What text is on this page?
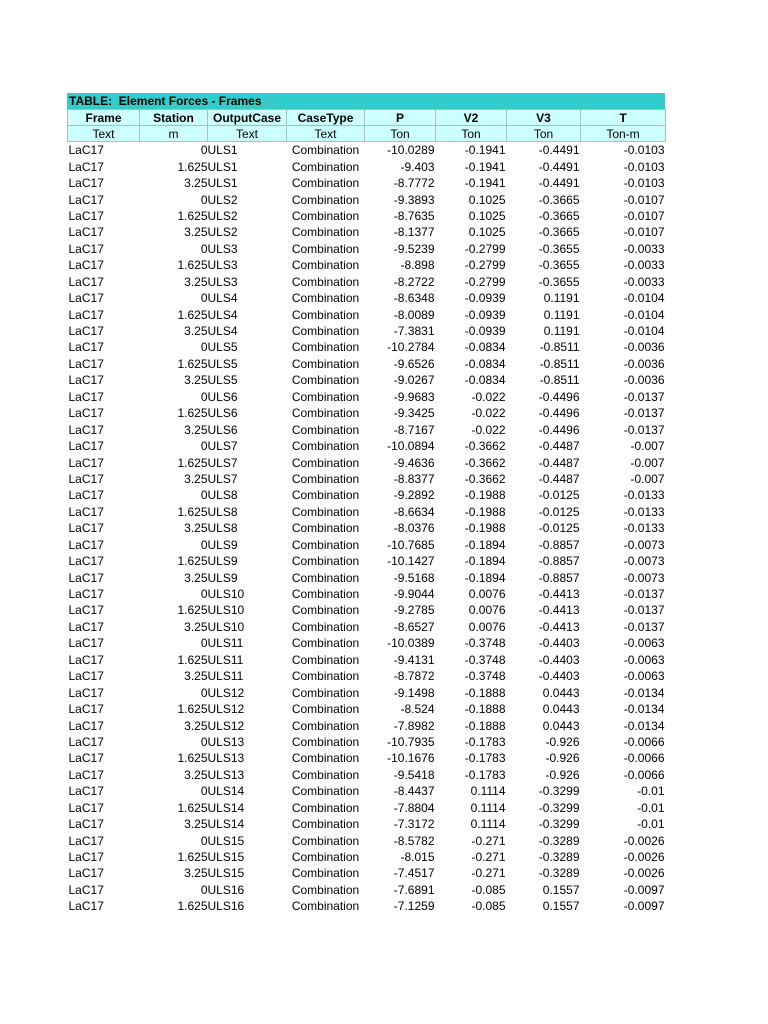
TABLE:  Element Forces - Frames
Frame	Station	OutputCase	CaseType	P	V2	V3	T
Text	m	Text	Text	Ton	Ton	Ton	Ton-m
LaC17	0	ULS1	Combination	-10.0289	-0.1941	-0.4491	-0.0103
LaC17	1.625	ULS1	Combination	-9.403	-0.1941	-0.4491	-0.0103
LaC17	3.25	ULS1	Combination	-8.7772	-0.1941	-0.4491	-0.0103
LaC17	0	ULS2	Combination	-9.3893	0.1025	-0.3665	-0.0107
LaC17	1.625	ULS2	Combination	-8.7635	0.1025	-0.3665	-0.0107
LaC17	3.25	ULS2	Combination	-8.1377	0.1025	-0.3665	-0.0107
LaC17	0	ULS3	Combination	-9.5239	-0.2799	-0.3655	-0.0033
LaC17	1.625	ULS3	Combination	-8.898	-0.2799	-0.3655	-0.0033
LaC17	3.25	ULS3	Combination	-8.2722	-0.2799	-0.3655	-0.0033
LaC17	0	ULS4	Combination	-8.6348	-0.0939	0.1191	-0.0104
LaC17	1.625	ULS4	Combination	-8.0089	-0.0939	0.1191	-0.0104
LaC17	3.25	ULS4	Combination	-7.3831	-0.0939	0.1191	-0.0104
LaC17	0	ULS5	Combination	-10.2784	-0.0834	-0.8511	-0.0036
LaC17	1.625	ULS5	Combination	-9.6526	-0.0834	-0.8511	-0.0036
LaC17	3.25	ULS5	Combination	-9.0267	-0.0834	-0.8511	-0.0036
LaC17	0	ULS6	Combination	-9.9683	-0.022	-0.4496	-0.0137
LaC17	1.625	ULS6	Combination	-9.3425	-0.022	-0.4496	-0.0137
LaC17	3.25	ULS6	Combination	-8.7167	-0.022	-0.4496	-0.0137
LaC17	0	ULS7	Combination	-10.0894	-0.3662	-0.4487	-0.007
LaC17	1.625	ULS7	Combination	-9.4636	-0.3662	-0.4487	-0.007
LaC17	3.25	ULS7	Combination	-8.8377	-0.3662	-0.4487	-0.007
LaC17	0	ULS8	Combination	-9.2892	-0.1988	-0.0125	-0.0133
LaC17	1.625	ULS8	Combination	-8.6634	-0.1988	-0.0125	-0.0133
LaC17	3.25	ULS8	Combination	-8.0376	-0.1988	-0.0125	-0.0133
LaC17	0	ULS9	Combination	-10.7685	-0.1894	-0.8857	-0.0073
LaC17	1.625	ULS9	Combination	-10.1427	-0.1894	-0.8857	-0.0073
LaC17	3.25	ULS9	Combination	-9.5168	-0.1894	-0.8857	-0.0073
LaC17	0	ULS10	Combination	-9.9044	0.0076	-0.4413	-0.0137
LaC17	1.625	ULS10	Combination	-9.2785	0.0076	-0.4413	-0.0137
LaC17	3.25	ULS10	Combination	-8.6527	0.0076	-0.4413	-0.0137
LaC17	0	ULS11	Combination	-10.0389	-0.3748	-0.4403	-0.0063
LaC17	1.625	ULS11	Combination	-9.4131	-0.3748	-0.4403	-0.0063
LaC17	3.25	ULS11	Combination	-8.7872	-0.3748	-0.4403	-0.0063
LaC17	0	ULS12	Combination	-9.1498	-0.1888	0.0443	-0.0134
LaC17	1.625	ULS12	Combination	-8.524	-0.1888	0.0443	-0.0134
LaC17	3.25	ULS12	Combination	-7.8982	-0.1888	0.0443	-0.0134
LaC17	0	ULS13	Combination	-10.7935	-0.1783	-0.926	-0.0066
LaC17	1.625	ULS13	Combination	-10.1676	-0.1783	-0.926	-0.0066
LaC17	3.25	ULS13	Combination	-9.5418	-0.1783	-0.926	-0.0066
LaC17	0	ULS14	Combination	-8.4437	0.1114	-0.3299	-0.01
LaC17	1.625	ULS14	Combination	-7.8804	0.1114	-0.3299	-0.01
LaC17	3.25	ULS14	Combination	-7.3172	0.1114	-0.3299	-0.01
LaC17	0	ULS15	Combination	-8.5782	-0.271	-0.3289	-0.0026
LaC17	1.625	ULS15	Combination	-8.015	-0.271	-0.3289	-0.0026
LaC17	3.25	ULS15	Combination	-7.4517	-0.271	-0.3289	-0.0026
LaC17	0	ULS16	Combination	-7.6891	-0.085	0.1557	-0.0097
LaC17	1.625	ULS16	Combination	-7.1259	-0.085	0.1557	-0.0097
